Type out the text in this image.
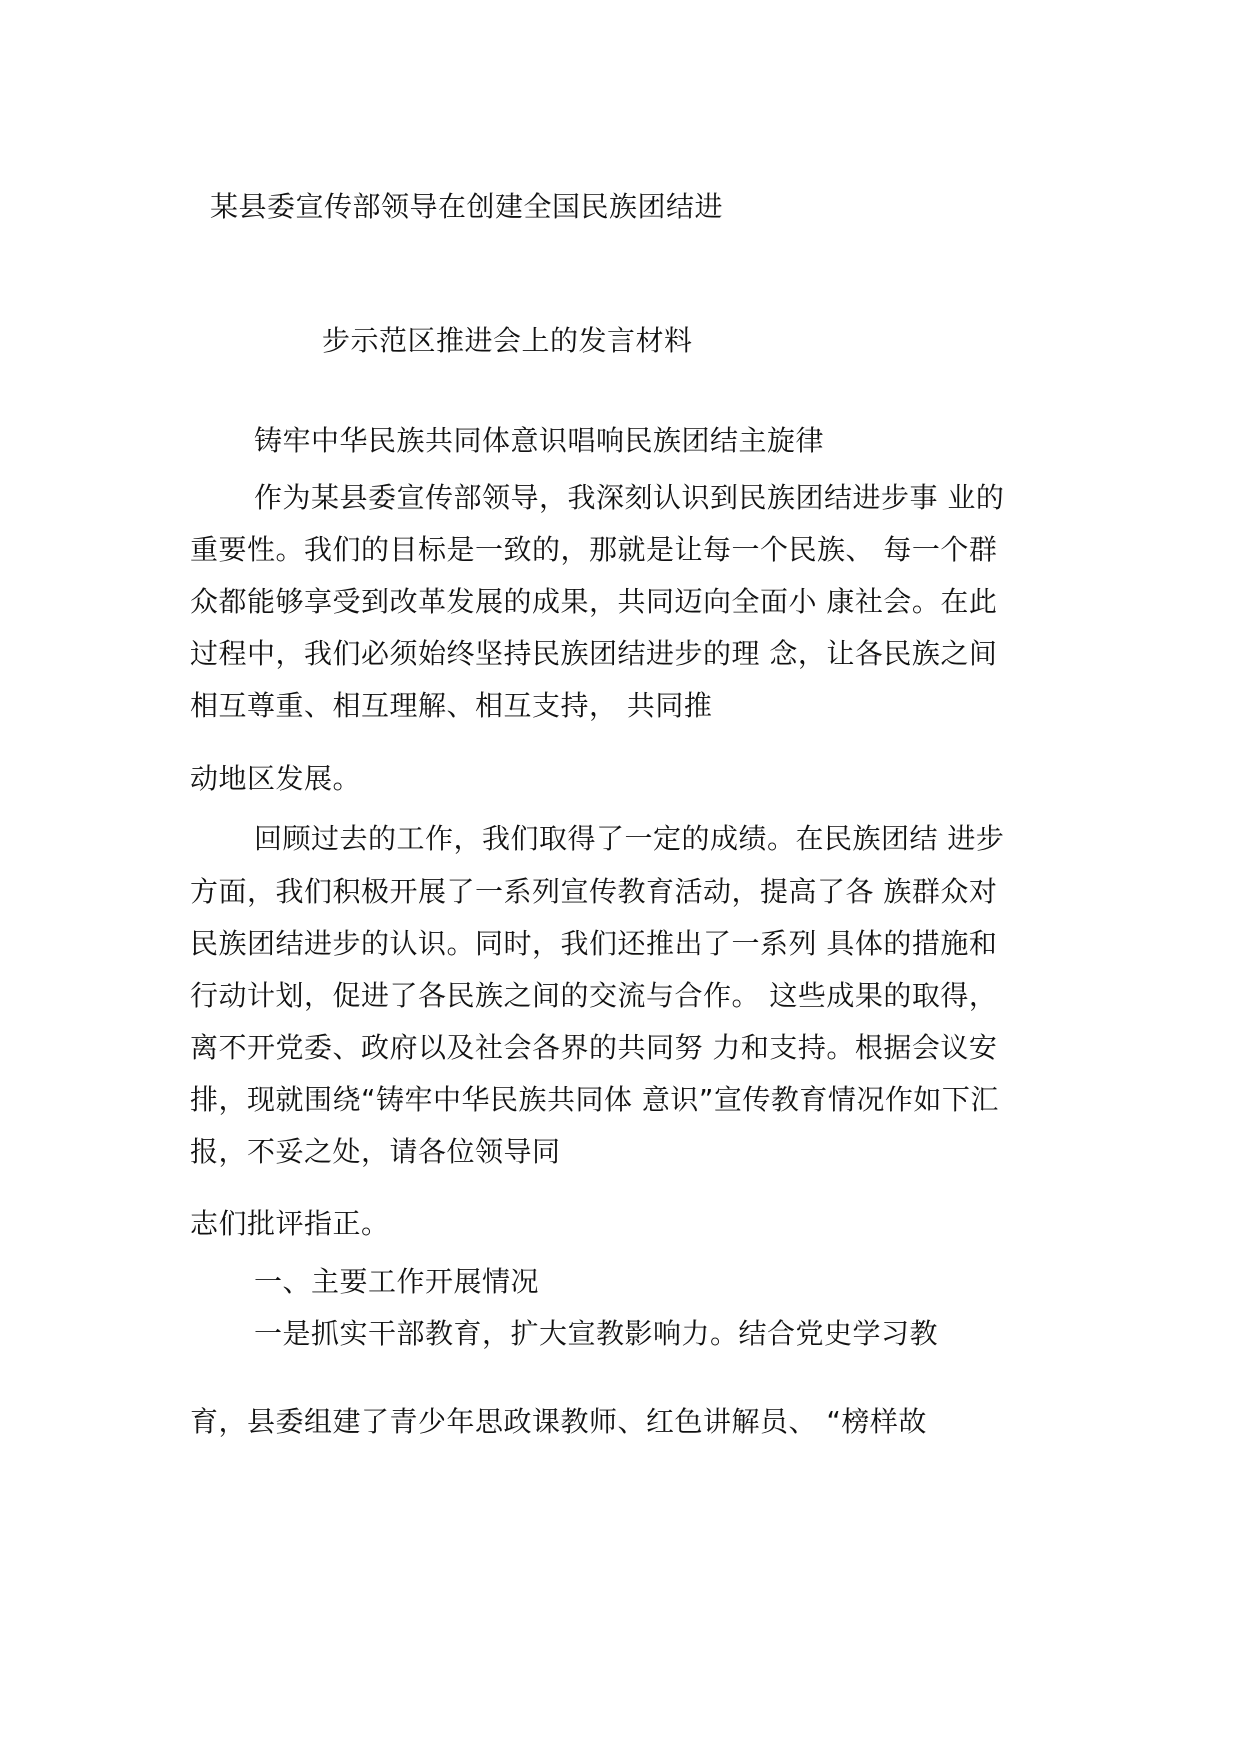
某县委宣传部领导在创建全国民族团结进
步示范区推进会上的发言材料
铸牢中华民族共同体意识唱响民族团结主旋律
作为某县委宣传部领导，我深刻认识到民族团结进步事 业的
重要性。我们的目标是一致的，那就是让每一个民族、 每一个群
众都能够享受到改革发展的成果，共同迈向全面小 康社会。在此
过程中，我们必须始终坚持民族团结进步的理 念，让各民族之间
相互尊重、相互理解、相互支持， 共同推
动地区发展。
回顾过去的工作，我们取得了一定的成绩。在民族团结 进步
方面，我们积极开展了一系列宣传教育活动，提高了各 族群众对
民族团结进步的认识。同时，我们还推出了一系列 具体的措施和
行动计划，促进了各民族之间的交流与合作。 这些成果的取得，
离不开党委、政府以及社会各界的共同努 力和支持。根据会议安
排，现就围绕“铸牢中华民族共同体 意识”宣传教育情况作如下汇
报，不妥之处，请各位领导同
志们批评指正。
一、主要工作开展情况
一是抓实干部教育，扩大宣教影响力。结合党史学习教
育，县委组建了青少年思政课教师、红色讲解员、 “榜样故
